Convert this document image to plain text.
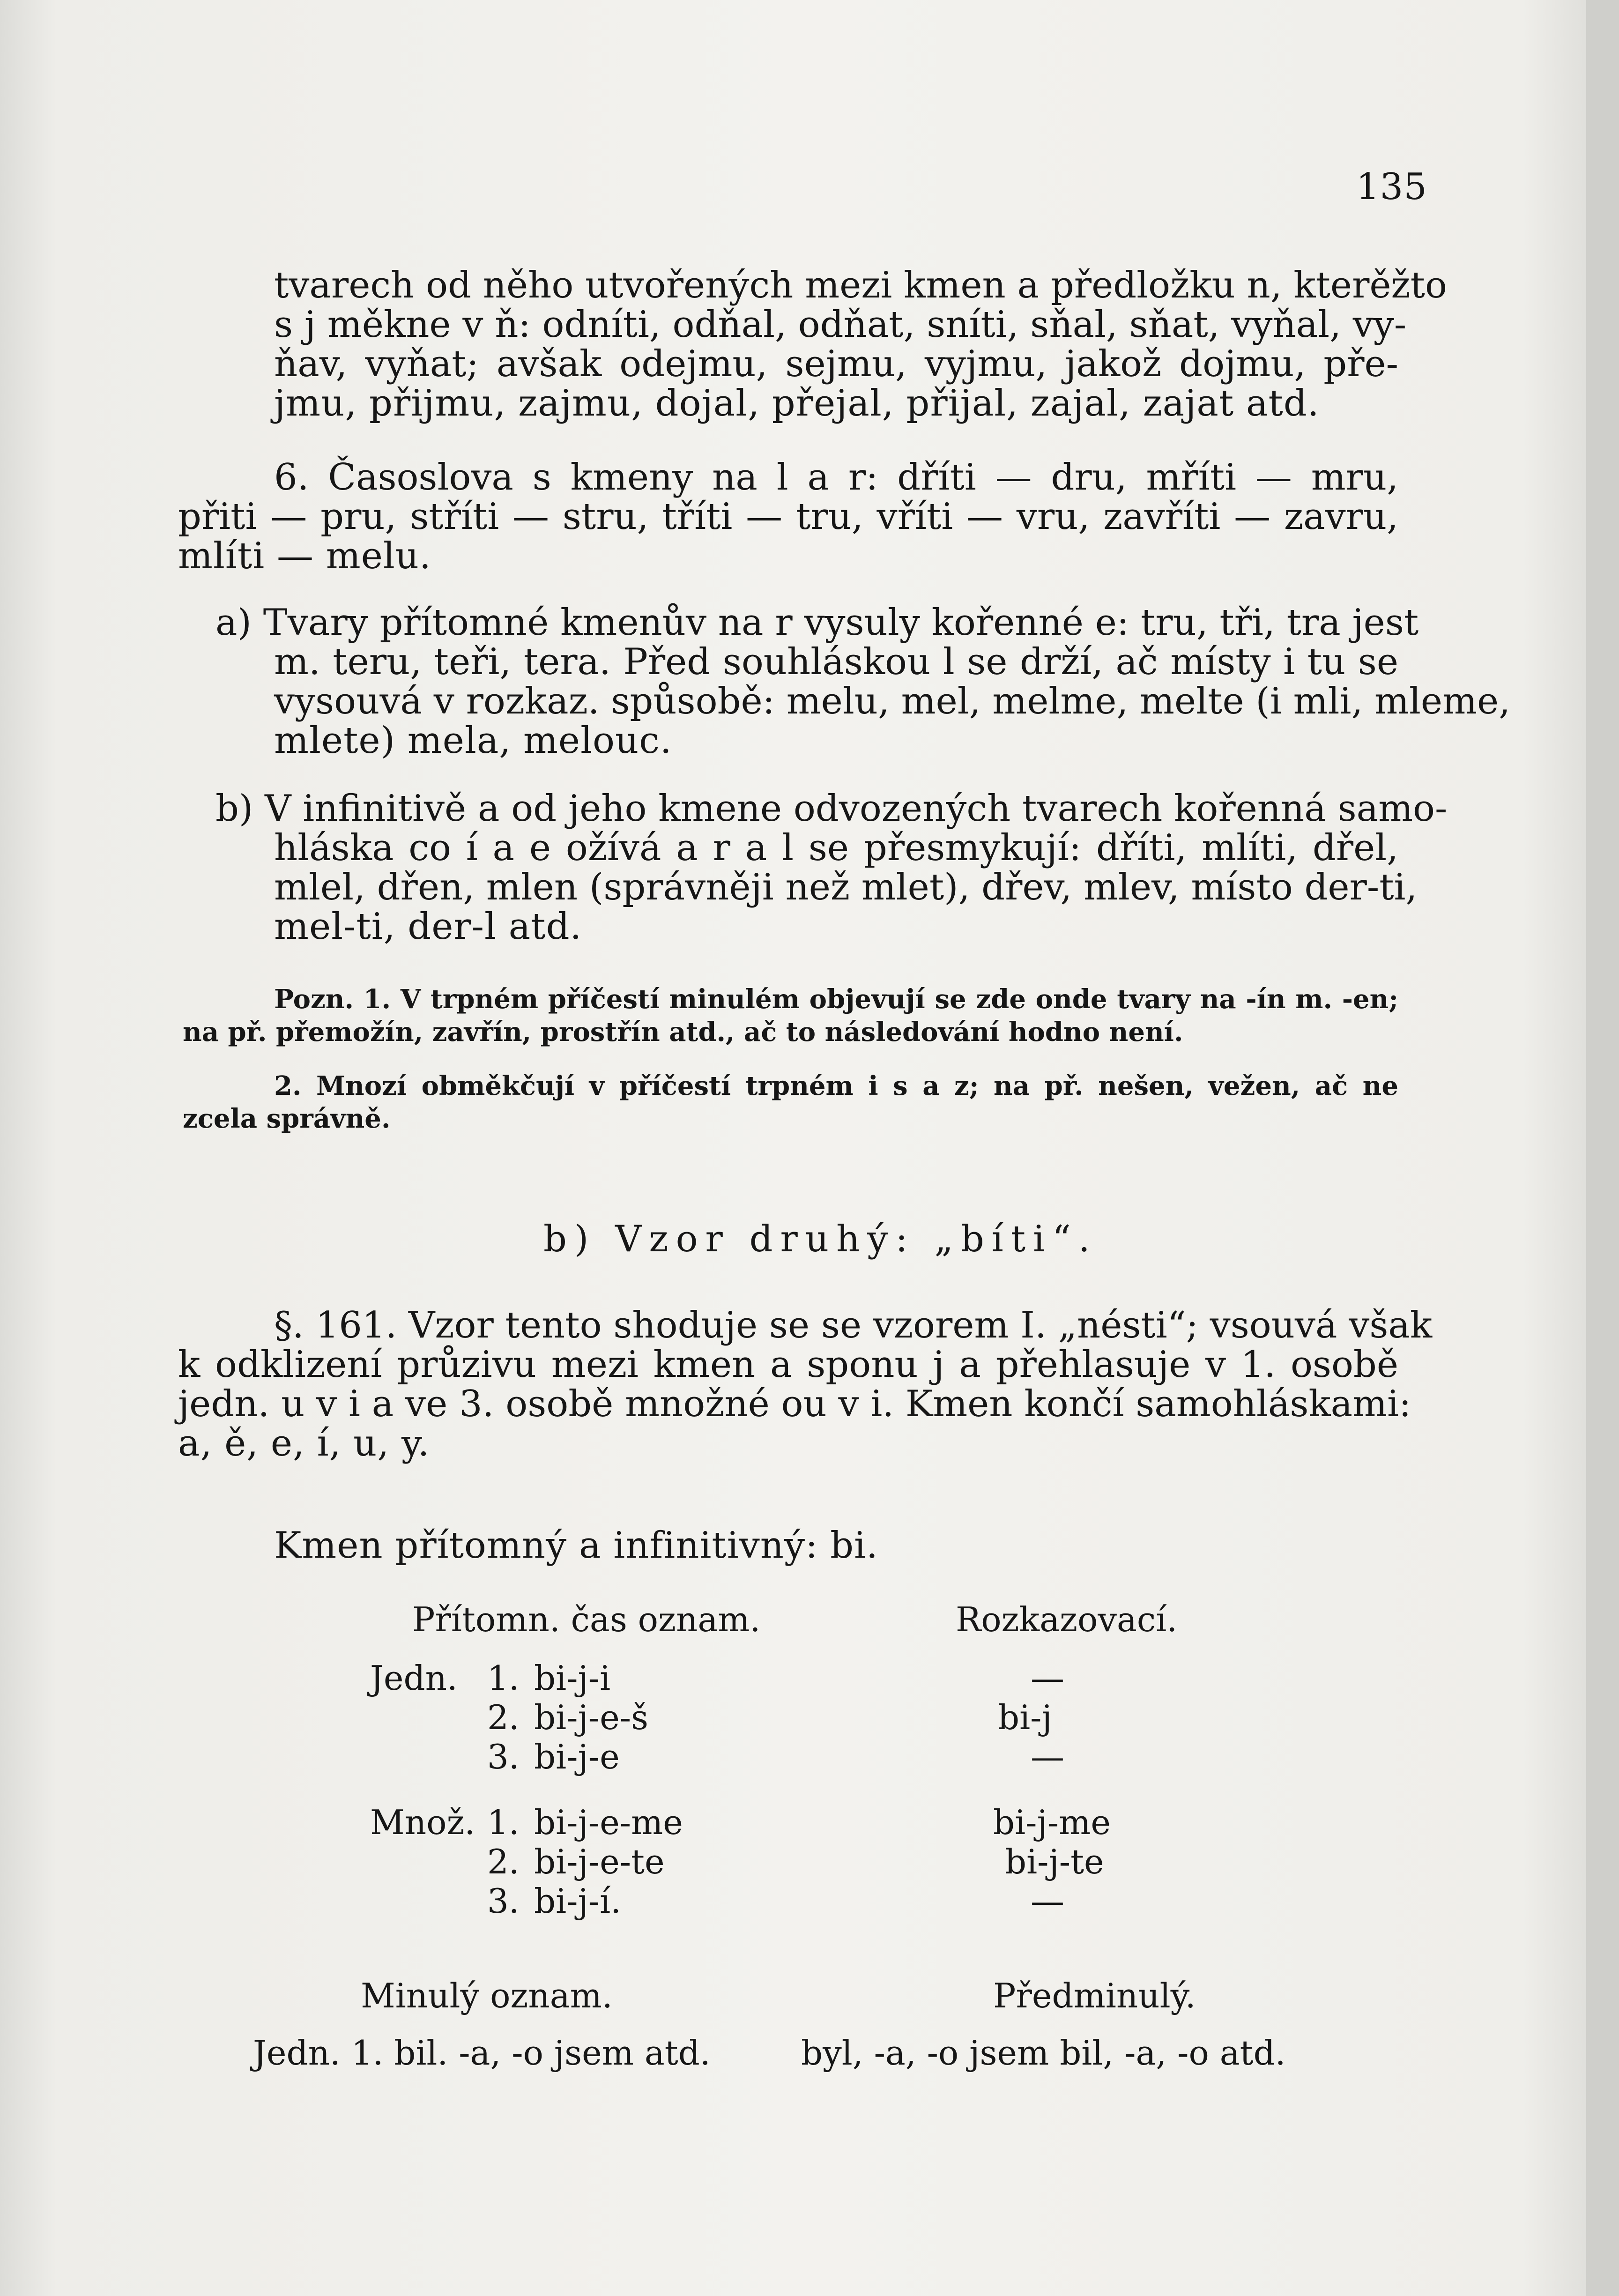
135
tvarech od něho utvořených mezi kmen a předložku n, kterěžto
s j měkne v ň: odníti, odňal, odňat, sníti, sňal, sňat, vyňal, vy-
ňav, vyňat; avšak odejmu, sejmu, vyjmu, jakož dojmu, pře-
jmu, přijmu, zajmu, dojal, přejal, přijal, zajal, zajat atd.
6. Časoslova s kmeny na l a r: dříti — dru, mříti — mru,
přiti — pru, stříti — stru, tříti — tru, vříti — vru, zavříti — zavru,
mlíti — melu.
a) Tvary přítomné kmenův na r vysuly kořenné e: tru, tři, tra jest
m. teru, teři, tera. Před souhláskou l se drží, ač místy i tu se
vysouvá v rozkaz. spůsobě: melu, mel, melme, melte (i mli, mleme,
mlete) mela, melouc.
b) V infinitivě a od jeho kmene odvozených tvarech kořenná samo-
hláska co í a e ožívá a r a l se přesmykují: dříti, mlíti, dřel,
mlel, dřen, mlen (správněji než mlet), dřev, mlev, místo der-ti,
mel-ti, der-l atd.
Pozn. 1. V trpném příčestí minulém objevují se zde onde tvary na -ín m. -en;
na př. přemožín, zavřín, prostřín atd., ač to následování hodno není.
2. Mnozí obměkčují v příčestí trpném i s a z; na př. nešen, vežen, ač ne
zcela správně.
b) Vzor druhý: „bíti“.
§. 161. Vzor tento shoduje se se vzorem I. „nésti“; vsouvá však
k odklizení průzivu mezi kmen a sponu j a přehlasuje v 1. osobě
jedn. u v i a ve 3. osobě množné ou v i. Kmen končí samohláskami:
a, ě, e, í, u, y.
Kmen přítomný a infinitivný: bi.
Přítomn. čas oznam.	Rozkazovací.
Jedn. 1. bi-j-i	—
2. bi-j-e-š	bi-j
3. bi-j-e	—
Množ. 1. bi-j-e-me	bi-j-me
2. bi-j-e-te	bi-j-te
3. bi-j-í.	—
Minulý oznam.	Předminulý.
Jedn. 1. bil. -a, -o jsem atd.	byl, -a, -o jsem bil, -a, -o atd.
